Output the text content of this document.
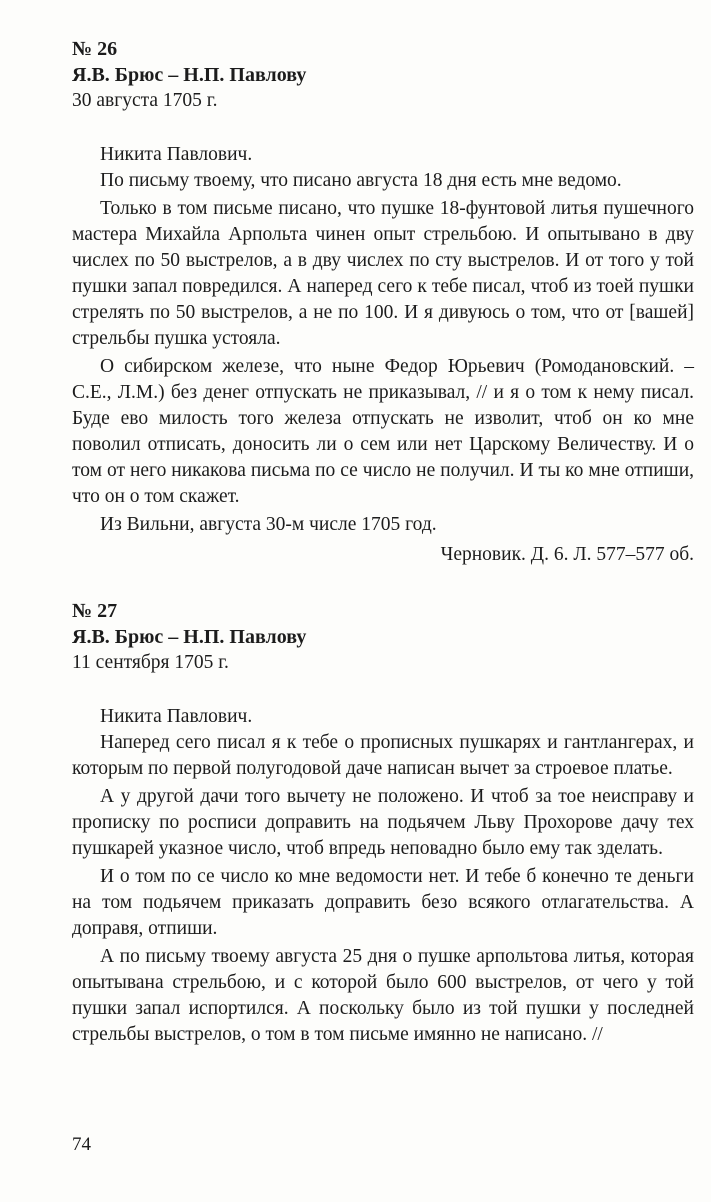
№ 26
Я.В. Брюс – Н.П. Павлову
30 августа 1705 г.
Никита Павлович.

По письму твоему, что писано августа 18 дня есть мне ведомо.

Только в том письме писано, что пушке 18-фунтовой литья пушечного мастера Михайла Арпольта чинен опыт стрельбою. И опытывано в дву числех по 50 выстрелов, а в дву числех по сту выстрелов. И от того у той пушки запал повредился. А наперед сего к тебе писал, чтоб из тоей пушки стрелять по 50 выстрелов, а не по 100. И я дивуюсь о том, что от [вашей] стрельбы пушка устояла.

О сибирском железе, что ныне Федор Юрьевич (Ромодановский. – С.Е., Л.М.) без денег отпускать не приказывал, // и я о том к нему писал. Буде ево милость того железа отпускать не изволит, чтоб он ко мне поволил отписать, доносить ли о сем или нет Царскому Величеству. И о том от него никакова письма по се число не получил. И ты ко мне отпиши, что он о том скажет.

Из Вильни, августа 30-м числе 1705 год.

Черновик. Д. 6. Л. 577–577 об.
№ 27
Я.В. Брюс – Н.П. Павлову
11 сентября 1705 г.
Никита Павлович.

Наперед сего писал я к тебе о прописных пушкарях и гантлангерах, и которым по первой полугодовой даче написан вычет за строевое платье.

А у другой дачи того вычету не положено. И чтоб за тое неисправу и прописку по росписи доправить на подьячем Льву Прохорове дачу тех пушкарей указное число, чтоб впредь неповадно было ему так зделать.

И о том по се число ко мне ведомости нет. И тебе б конечно те деньги на том подьячем приказать доправить безо всякого отлагательства. А доправя, отпиши.

А по письму твоему августа 25 дня о пушке арпольтова литья, которая опытывана стрельбою, и с которой было 600 выстрелов, от чего у той пушки запал испортился. А поскольку было из той пушки у последней стрельбы выстрелов, о том в том письме имянно не написано. //

74
